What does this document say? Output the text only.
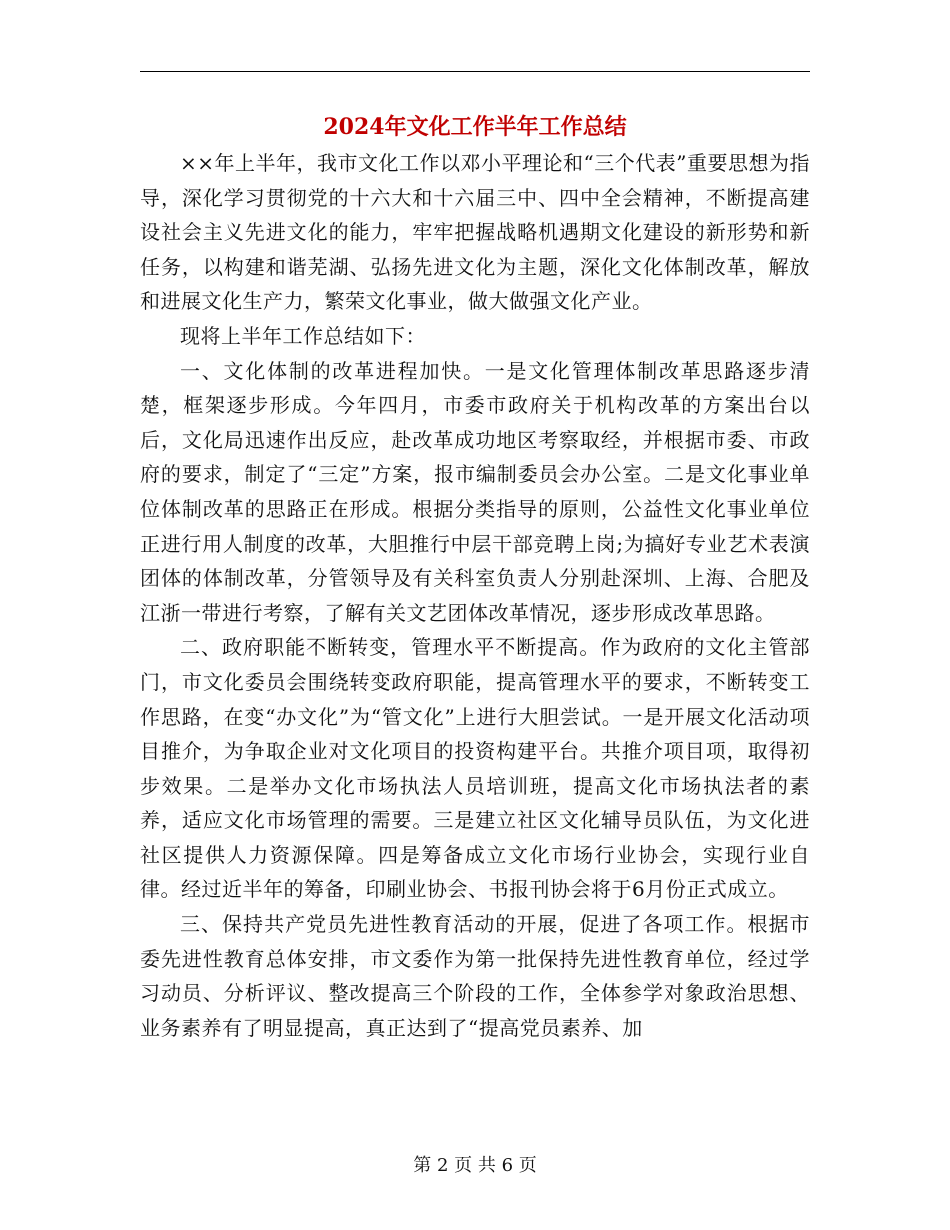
2024年文化工作半年工作总结

××年上半年，我市文化工作以邓小平理论和“三个代表”重要思想为指导，深化学习贯彻党的十六大和十六届三中、四中全会精神，不断提高建设社会主义先进文化的能力，牢牢把握战略机遇期文化建设的新形势和新任务，以构建和谐芜湖、弘扬先进文化为主题，深化文化体制改革，解放和进展文化生产力，繁荣文化事业，做大做强文化产业。

现将上半年工作总结如下：

一、文化体制的改革进程加快。一是文化管理体制改革思路逐步清楚，框架逐步形成。今年四月，市委市政府关于机构改革的方案出台以后，文化局迅速作出反应，赴改革成功地区考察取经，并根据市委、市政府的要求，制定了“三定”方案，报市编制委员会办公室。二是文化事业单位体制改革的思路正在形成。根据分类指导的原则，公益性文化事业单位正进行用人制度的改革，大胆推行中层干部竞聘上岗;为搞好专业艺术表演团体的体制改革，分管领导及有关科室负责人分别赴深圳、上海、合肥及江浙一带进行考察，了解有关文艺团体改革情况，逐步形成改革思路。

二、政府职能不断转变，管理水平不断提高。作为政府的文化主管部门，市文化委员会围绕转变政府职能，提高管理水平的要求，不断转变工作思路，在变“办文化”为“管文化”上进行大胆尝试。一是开展文化活动项目推介，为争取企业对文化项目的投资构建平台。共推介项目项，取得初步效果。二是举办文化市场执法人员培训班，提高文化市场执法者的素养，适应文化市场管理的需要。三是建立社区文化辅导员队伍，为文化进社区提供人力资源保障。四是筹备成立文化市场行业协会，实现行业自律。经过近半年的筹备，印刷业协会、书报刊协会将于6月份正式成立。

三、保持共产党员先进性教育活动的开展，促进了各项工作。根据市委先进性教育总体安排，市文委作为第一批保持先进性教育单位，经过学习动员、分析评议、整改提高三个阶段的工作，全体参学对象政治思想、业务素养有了明显提高，真正达到了“提高党员素养、加

第 2 页 共 6 页
